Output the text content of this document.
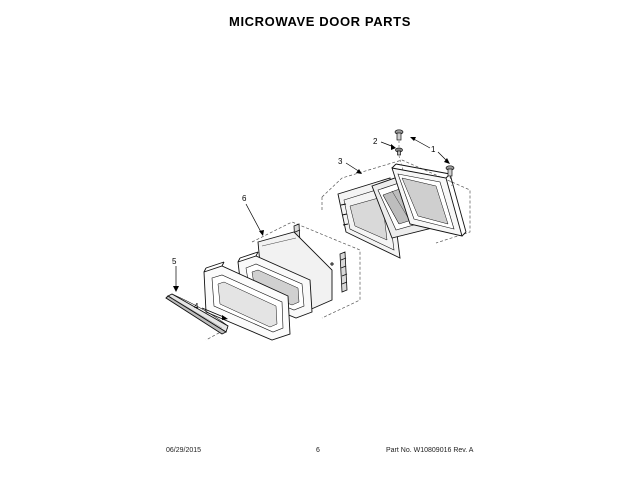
MICROWAVE DOOR PARTS
1
2
3
4
5
6
06/29/2015	6	Part No. W10809016 Rev. A
